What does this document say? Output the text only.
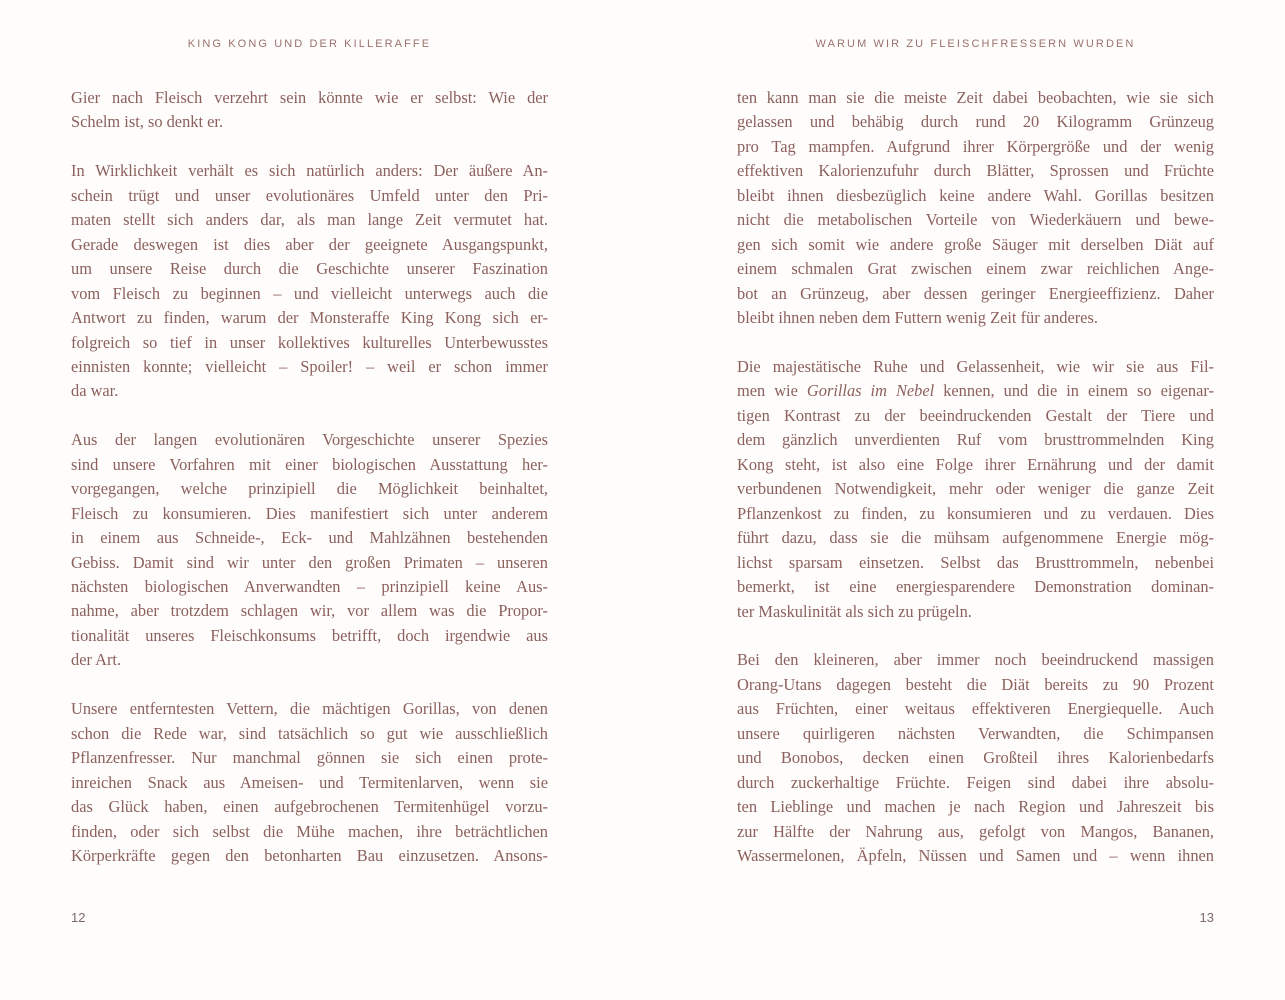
KING KONG UND DER KILLERAFFE
Gier nach Fleisch verzehrt sein könnte wie er selbst: Wie der
Schelm ist, so denkt er.
In Wirklichkeit verhält es sich natürlich anders: Der äußere An-
schein trügt und unser evolutionäres Umfeld unter den Pri-
maten stellt sich anders dar, als man lange Zeit vermutet hat.
Gerade deswegen ist dies aber der geeignete Ausgangspunkt,
um unsere Reise durch die Geschichte unserer Faszination
vom Fleisch zu beginnen – und vielleicht unterwegs auch die
Antwort zu finden, warum der Monsteraffe King Kong sich er-
folgreich so tief in unser kollektives kulturelles Unterbewusstes
einnisten konnte; vielleicht – Spoiler! – weil er schon immer
da war.
Aus der langen evolutionären Vorgeschichte unserer Spezies
sind unsere Vorfahren mit einer biologischen Ausstattung her-
vorgegangen, welche prinzipiell die Möglichkeit beinhaltet,
Fleisch zu konsumieren. Dies manifestiert sich unter anderem
in einem aus Schneide-, Eck- und Mahlzähnen bestehenden
Gebiss. Damit sind wir unter den großen Primaten – unseren
nächsten biologischen Anverwandten – prinzipiell keine Aus-
nahme, aber trotzdem schlagen wir, vor allem was die Propor-
tionalität unseres Fleischkonsums betrifft, doch irgendwie aus
der Art.
Unsere entferntesten Vettern, die mächtigen Gorillas, von denen
schon die Rede war, sind tatsächlich so gut wie ausschließlich
Pflanzenfresser. Nur manchmal gönnen sie sich einen prote-
inreichen Snack aus Ameisen- und Termitenlarven, wenn sie
das Glück haben, einen aufgebrochenen Termitenhügel vorzu-
finden, oder sich selbst die Mühe machen, ihre beträchtlichen
Körperkräfte gegen den betonharten Bau einzusetzen. Ansons-
12
WARUM WIR ZU FLEISCHFRESSERN WURDEN
ten kann man sie die meiste Zeit dabei beobachten, wie sie sich
gelassen und behäbig durch rund 20 Kilogramm Grünzeug
pro Tag mampfen. Aufgrund ihrer Körpergröße und der wenig
effektiven Kalorienzufuhr durch Blätter, Sprossen und Früchte
bleibt ihnen diesbezüglich keine andere Wahl. Gorillas besitzen
nicht die metabolischen Vorteile von Wiederkäuern und bewe-
gen sich somit wie andere große Säuger mit derselben Diät auf
einem schmalen Grat zwischen einem zwar reichlichen Ange-
bot an Grünzeug, aber dessen geringer Energieeffizienz. Daher
bleibt ihnen neben dem Futtern wenig Zeit für anderes.
Die majestätische Ruhe und Gelassenheit, wie wir sie aus Fil-
men wie Gorillas im Nebel kennen, und die in einem so eigenar-
tigen Kontrast zu der beeindruckenden Gestalt der Tiere und
dem gänzlich unverdienten Ruf vom brusttrommelnden King
Kong steht, ist also eine Folge ihrer Ernährung und der damit
verbundenen Notwendigkeit, mehr oder weniger die ganze Zeit
Pflanzenkost zu finden, zu konsumieren und zu verdauen. Dies
führt dazu, dass sie die mühsam aufgenommene Energie mög-
lichst sparsam einsetzen. Selbst das Brusttrommeln, nebenbei
bemerkt, ist eine energiesparendere Demonstration dominan-
ter Maskulinität als sich zu prügeln.
Bei den kleineren, aber immer noch beeindruckend massigen
Orang-Utans dagegen besteht die Diät bereits zu 90 Prozent
aus Früchten, einer weitaus effektiveren Energiequelle. Auch
unsere quirligeren nächsten Verwandten, die Schimpansen
und Bonobos, decken einen Großteil ihres Kalorienbedarfs
durch zuckerhaltige Früchte. Feigen sind dabei ihre absolu-
ten Lieblinge und machen je nach Region und Jahreszeit bis
zur Hälfte der Nahrung aus, gefolgt von Mangos, Bananen,
Wassermelonen, Äpfeln, Nüssen und Samen und – wenn ihnen
13
